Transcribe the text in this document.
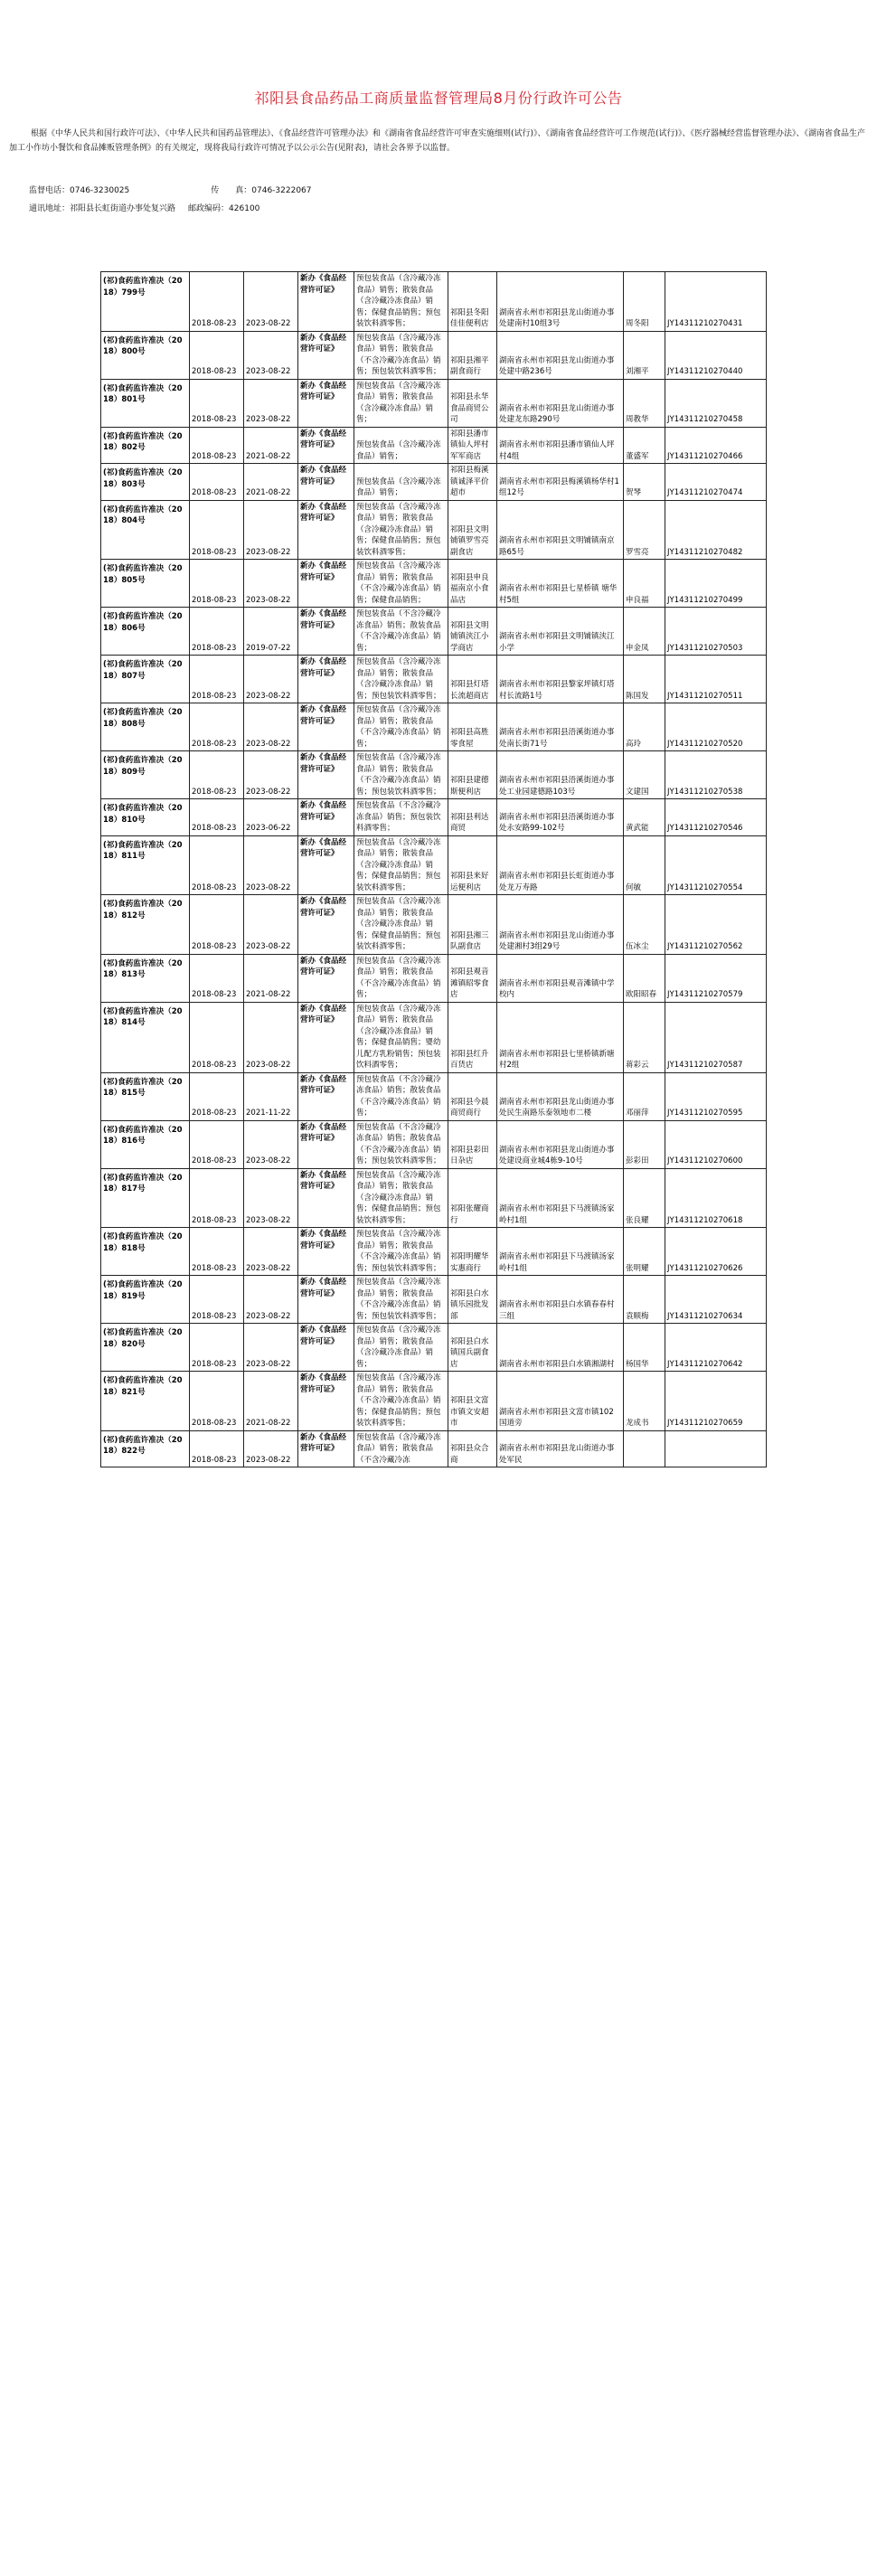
祁阳县食品药品工商质量监督管理局8月份行政许可公告
根据《中华人民共和国行政许可法》、《中华人民共和国药品管理法》、《食品经营许可管理办法》和《湖南省食品经营许可审查实施细则(试行)》、《湖南省食品经营许可工作规范(试行)》、《医疗器械经营监督管理办法》、《湖南省食品生产加工小作坊小餐饮和食品摊贩管理条例》的有关规定，现将我局行政许可情况予以公示公告(见附表)，请社会各界予以监督。
监督电话：0746-3230025	传　　真：0746-3222067
通讯地址：祁阳县长虹街道办事处复兴路 邮政编码：426100
(祁)食药监许准决（2018）799号	2018-08-23	2023-08-22	新办《食品经营许可证》	预包装食品（含冷藏冷冻食品）销售；散装食品（含冷藏冷冻食品）销售；保健食品销售；预包装饮料酒零售；	祁阳县冬阳佳佳便利店	湖南省永州市祁阳县龙山街道办事处建南村10组3号	周冬阳	JY14311210270431
(祁)食药监许准决（2018）800号	2018-08-23	2023-08-22	新办《食品经营许可证》	预包装食品（含冷藏冷冻食品）销售；散装食品（不含冷藏冷冻食品）销售；预包装饮料酒零售；	祁阳县湘平副食商行	湖南省永州市祁阳县龙山街道办事处建中路236号	刘湘平	JY14311210270440
(祁)食药监许准决（2018）801号	2018-08-23	2023-08-22	新办《食品经营许可证》	预包装食品（含冷藏冷冻食品）销售；散装食品（含冷藏冷冻食品）销售；	祁阳县永华食品商贸公司	湖南省永州市祁阳县龙山街道办事处建龙东路290号	周教华	JY14311210270458
(祁)食药监许准决（2018）802号	2018-08-23	2021-08-22	新办《食品经营许可证》	预包装食品（含冷藏冷冻食品）销售；	祁阳县潘市镇仙人坪村军军商店	湖南省永州市祁阳县潘市镇仙人坪村4组	董盛军	JY14311210270466
(祁)食药监许准决（2018）803号	2018-08-23	2021-08-22	新办《食品经营许可证》	预包装食品（含冷藏冷冻食品）销售；	祁阳县梅溪镇诚泽平价超市	湖南省永州市祁阳县梅溪镇杨华村1组12号	贺琴	JY14311210270474
(祁)食药监许准决（2018）804号	2018-08-23	2023-08-22	新办《食品经营许可证》	预包装食品（含冷藏冷冻食品）销售；散装食品（含冷藏冷冻食品）销售；保健食品销售；预包装饮料酒零售；	祁阳县文明铺镇罗雪亮副食店	湖南省永州市祁阳县文明铺镇南京路65号	罗雪亮	JY14311210270482
(祁)食药监许准决（2018）805号	2018-08-23	2023-08-22	新办《食品经营许可证》	预包装食品（含冷藏冷冻食品）销售；散装食品（不含冷藏冷冻食品）销售；保健食品销售；	祁阳县申良福南京小食品店	湖南省永州市祁阳县七星桥镇 塘华村5组	申良福	JY14311210270499
(祁)食药监许准决（2018）806号	2018-08-23	2019-07-22	新办《食品经营许可证》	预包装食品（不含冷藏冷冻食品）销售；散装食品（不含冷藏冷冻食品）销售；	祁阳县文明铺镇浃江小学商店	湖南省永州市祁阳县文明铺镇浃江小学	申金凤	JY14311210270503
(祁)食药监许准决（2018）807号	2018-08-23	2023-08-22	新办《食品经营许可证》	预包装食品（含冷藏冷冻食品）销售；散装食品（含冷藏冷冻食品）销售；预包装饮料酒零售；	祁阳县灯塔长流超商店	湖南省永州市祁阳县黎家坪镇灯塔村长流路1号	陈国发	JY14311210270511
(祁)食药监许准决（2018）808号	2018-08-23	2023-08-22	新办《食品经营许可证》	预包装食品（含冷藏冷冻食品）销售；散装食品（不含冷藏冷冻食品）销售；	祁阳县高胜零食屋	湖南省永州市祁阳县浯溪街道办事处南长街71号	高玲	JY14311210270520
(祁)食药监许准决（2018）809号	2018-08-23	2023-08-22	新办《食品经营许可证》	预包装食品（含冷藏冷冻食品）销售；散装食品（不含冷藏冷冻食品）销售；预包装饮料酒零售；	祁阳县建德斯便利店	湖南省永州市祁阳县浯溪街道办事处工业园建德路103号	文建国	JY14311210270538
(祁)食药监许准决（2018）810号	2018-08-23	2023-06-22	新办《食品经营许可证》	预包装食品（不含冷藏冷冻食品）销售；预包装饮料酒零售；	祁阳县利达商贸	湖南省永州市祁阳县浯溪街道办事处永安路99-102号	黄武能	JY14311210270546
(祁)食药监许准决（2018）811号	2018-08-23	2023-08-22	新办《食品经营许可证》	预包装食品（含冷藏冷冻食品）销售；散装食品（含冷藏冷冻食品）销售；保健食品销售；预包装饮料酒零售；	祁阳县来好运便利店	湖南省永州市祁阳县长虹街道办事处龙万寿路	何敏	JY14311210270554
(祁)食药监许准决（2018）812号	2018-08-23	2023-08-22	新办《食品经营许可证》	预包装食品（含冷藏冷冻食品）销售；散装食品（含冷藏冷冻食品）销售；保健食品销售；预包装饮料酒零售；	祁阳县湘三队副食店	湖南省永州市祁阳县龙山街道办事处建湘村3组29号	伍冰尘	JY14311210270562
(祁)食药监许准决（2018）813号	2018-08-23	2021-08-22	新办《食品经营许可证》	预包装食品（含冷藏冷冻食品）销售；散装食品（不含冷藏冷冻食品）销售；	祁阳县观音滩镇昭零食店	湖南省永州市祁阳县观音滩镇中学校内	欧阳昭春	JY14311210270579
(祁)食药监许准决（2018）814号	2018-08-23	2023-08-22	新办《食品经营许可证》	预包装食品（含冷藏冷冻食品）销售；散装食品（含冷藏冷冻食品）销售；保健食品销售；婴幼儿配方乳粉销售；预包装饮料酒零售；	祁阳县红升百货店	湖南省永州市祁阳县七里桥镇新塘村2组	蒋彩云	JY14311210270587
(祁)食药监许准决（2018）815号	2018-08-23	2021-11-22	新办《食品经营许可证》	预包装食品（不含冷藏冷冻食品）销售；散装食品（不含冷藏冷冻食品）销售；	祁阳县今晨商贸商行	湖南省永州市祁阳县龙山街道办事处民生南路乐泰领地市二楼	邓丽萍	JY14311210270595
(祁)食药监许准决（2018）816号	2018-08-23	2023-08-22	新办《食品经营许可证》	预包装食品（不含冷藏冷冻食品）销售；散装食品（不含冷藏冷冻食品）销售；预包装饮料酒零售；	祁阳县彩田日杂店	湖南省永州市祁阳县龙山街道办事处建设商业城4栋9-10号	彭彩田	JY14311210270600
(祁)食药监许准决（2018）817号	2018-08-23	2023-08-22	新办《食品经营许可证》	预包装食品（含冷藏冷冻食品）销售；散装食品（含冷藏冷冻食品）销售；保健食品销售；预包装饮料酒零售；	祁阳张耀商行	湖南省永州市祁阳县下马渡镇汤家岭村1组	张良耀	JY14311210270618
(祁)食药监许准决（2018）818号	2018-08-23	2023-08-22	新办《食品经营许可证》	预包装食品（含冷藏冷冻食品）销售；散装食品（不含冷藏冷冻食品）销售；预包装饮料酒零售；	祁阳明耀华实惠商行	湖南省永州市祁阳县下马渡镇汤家岭村1组	张明耀	JY14311210270626
(祁)食药监许准决（2018）819号	2018-08-23	2023-08-22	新办《食品经营许可证》	预包装食品（含冷藏冷冻食品）销售；散装食品（不含冷藏冷冻食品）销售；预包装饮料酒零售；	祁阳县白水镇乐园批发部	湖南省永州市祁阳县白水镇春春村三组	袁顺梅	JY14311210270634
(祁)食药监许准决（2018）820号	2018-08-23	2023-08-22	新办《食品经营许可证》	预包装食品（含冷藏冷冻食品）销售；散装食品（含冷藏冷冻食品）销售；	祁阳县白水镇国兵副食店	湖南省永州市祁阳县白水镇湘湖村	杨国华	JY14311210270642
(祁)食药监许准决（2018）821号	2018-08-23	2021-08-22	新办《食品经营许可证》	预包装食品（含冷藏冷冻食品）销售；散装食品（不含冷藏冷冻食品）销售；保健食品销售；预包装饮料酒零售；	祁阳县文富市镇文安超市	湖南省永州市祁阳县文富市镇102国道旁	龙成书	JY14311210270659
(祁)食药监许准决（2018）822号	2018-08-23	2023-08-22	新办《食品经营许可证》	预包装食品（含冷藏冷冻食品）销售；散装食品（不含冷藏冷冻	祁阳县众合商	湖南省永州市祁阳县龙山街道办事处军民		
